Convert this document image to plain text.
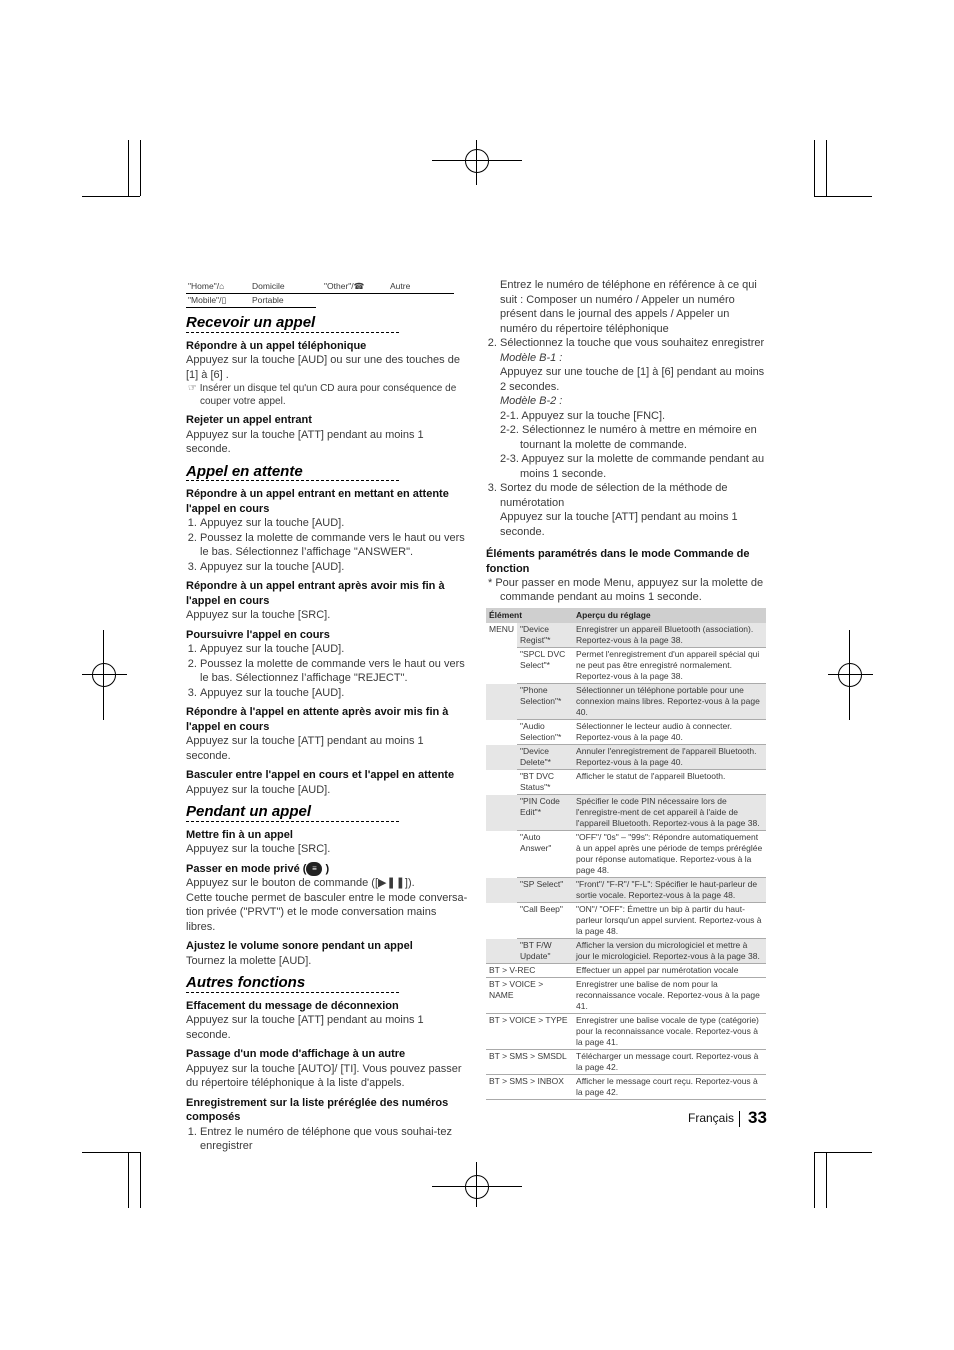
"Home"/⌂	Domicile	"Other"/☎	Autre
"Mobile"/▯	Portable		
Recevoir un appel
Répondre à un appel téléphonique
Appuyez sur la touche [AUD] ou sur une des touches de [1] à [6] .
☞ Insérer un disque tel qu'un CD aura pour conséquence de couper votre appel.
Rejeter un appel entrant
Appuyez sur la touche [ATT] pendant au moins 1 seconde.
Appel en attente
Répondre à un appel entrant en mettant en attente l'appel en cours
1. Appuyez sur la touche [AUD].
2. Poussez la molette de commande vers le haut ou vers le bas. Sélectionnez l’affichage "ANSWER".
3. Appuyez sur la touche [AUD].
Répondre à un appel entrant après avoir mis fin à l'appel en cours
Appuyez sur la touche [SRC].
Poursuivre l'appel en cours
1. Appuyez sur la touche [AUD].
2. Poussez la molette de commande vers le haut ou vers le bas. Sélectionnez l’affichage "REJECT".
3. Appuyez sur la touche [AUD].
Répondre à l'appel en attente après avoir mis fin à l'appel en cours
Appuyez sur la touche [ATT] pendant au moins 1 seconde.
Basculer entre l'appel en cours et l'appel en attente
Appuyez sur la touche [AUD].
Pendant un appel
Mettre fin à un appel
Appuyez sur la touche [SRC].
Passer en mode privé ( ≡ )
Appuyez sur le bouton de commande ([▶❚❚]).
Cette touche permet de basculer entre le mode conversa-tion privée ("PRVT") et le mode conversation mains libres.
Ajustez le volume sonore pendant un appel
Tournez la molette [AUD].
Autres fonctions
Effacement du message de déconnexion
Appuyez sur la touche [ATT] pendant au moins 1 seconde.
Passage d'un mode d'affichage à un autre
Appuyez sur la touche [AUTO]/ [TI]. Vous pouvez passer du répertoire téléphonique à la liste d'appels.
Enregistrement sur la liste préréglée des numéros composés
1. Entrez le numéro de téléphone que vous souhai-tez enregistrer
Entrez le numéro de téléphone en référence à ce qui suit : Composer un numéro / Appeler un numéro présent dans le journal des appels / Appeler un numéro du répertoire téléphonique
2. Sélectionnez la touche que vous souhaitez enregistrer
Modèle B-1 :
Appuyez sur une touche de [1] à [6] pendant au moins 2 secondes.
Modèle B-2 :
2-1. Appuyez sur la touche [FNC].
2-2. Sélectionnez le numéro à mettre en mémoire en tournant la molette de commande.
2-3. Appuyez sur la molette de commande pendant au moins 1 seconde.
3. Sortez du mode de sélection de la méthode de numérotation
Appuyez sur la touche [ATT] pendant au moins 1 seconde.
Éléments paramétrés dans le mode Commande de fonction
* Pour passer en mode Menu, appuyez sur la molette de commande pendant au moins 1 seconde.
Élément		Aperçu du réglage
MENU	"Device Regist"*	Enregistrer un appareil Bluetooth (association). Reportez-vous à la page 38.
	"SPCL DVC Select"*	Permet l'enregistrement d'un appareil spécial qui ne peut pas être enregistré normalement. Reportez-vous à la page 38.
	"Phone Selection"*	Sélectionner un téléphone portable pour une connexion mains libres. Reportez-vous à la page 40.
	"Audio Selection"*	Sélectionner le lecteur audio à connecter. Reportez-vous à la page 40.
	"Device Delete"*	Annuler l'enregistrement de l'appareil Bluetooth. Reportez-vous à la page 40.
	"BT DVC Status"*	Afficher le statut de l'appareil Bluetooth.
	"PIN Code Edit"*	Spécifier le code PIN nécessaire lors de l'enregistre-ment de cet appareil à l'aide de l'appareil Bluetooth. Reportez-vous à la page 38.
	"Auto Answer"	"OFF"/ "0s" – "99s": Répondre automatiquement à un appel après une période de temps préréglée pour réponse automatique. Reportez-vous à la page 48.
	"SP Select"	"Front"/ "F-R"/ "F-L": Spécifier le haut-parleur de sortie vocale. Reportez-vous à la page 48.
	"Call Beep"	"ON"/ "OFF": Émettre un bip à partir du haut-parleur lorsqu'un appel survient. Reportez-vous à la page 48.
	"BT F/W Update"	Afficher la version du micrologiciel et mettre à jour le micrologiciel. Reportez-vous à la page 38.
BT > V-REC		Effectuer un appel par numérotation vocale
BT > VOICE > NAME		Enregistrer une balise de nom pour la reconnaissance vocale. Reportez-vous à la page 41.
BT > VOICE > TYPE		Enregistrer une balise vocale de type (catégorie) pour la reconnaissance vocale. Reportez-vous à la page 41.
BT > SMS > SMSDL		Télécharger un message court. Reportez-vous à la page 42.
BT > SMS > INBOX		Afficher le message court reçu. Reportez-vous à la page 42.
Français 33
